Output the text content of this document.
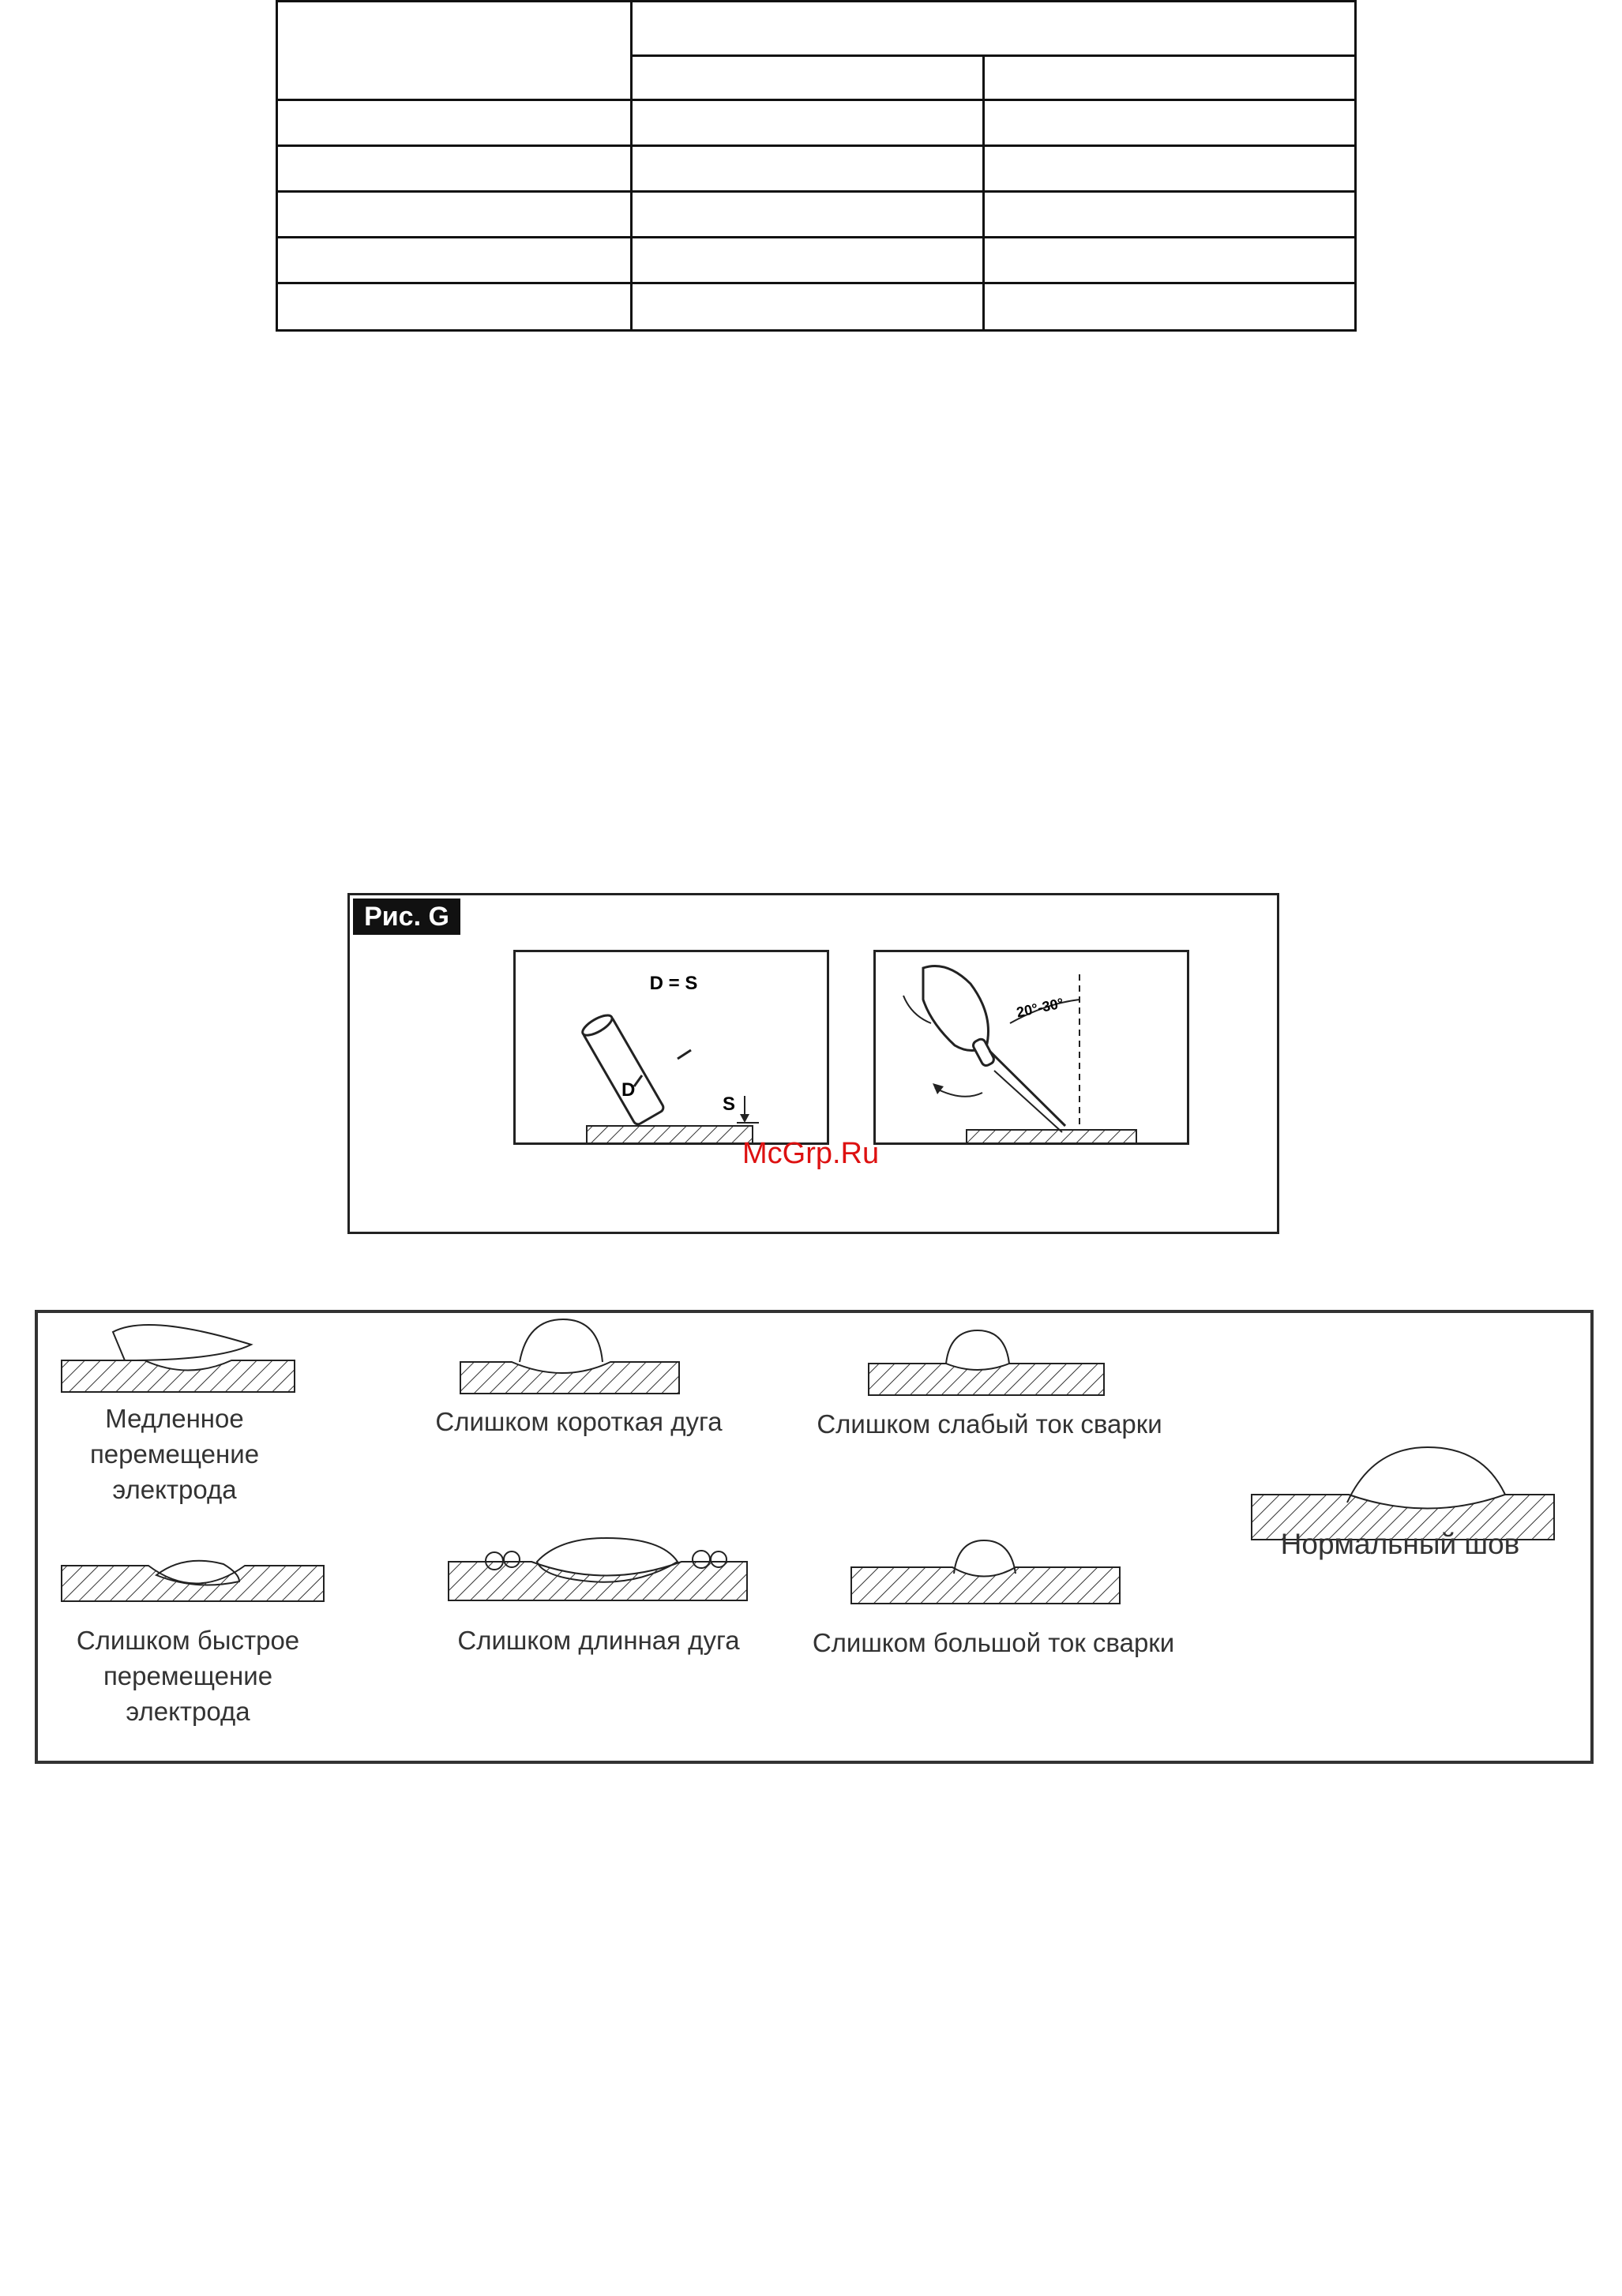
Рис. G
D = S
D
S
20°-30°
McGrp.Ru
Медленное
перемещение
электрода
Слишком короткая дуга	Слишком слабый ток сварки
Нормальный шов
Слишком быстрое
перемещение
электрода
Слишком длинная дуга	Слишком большой ток сварки
